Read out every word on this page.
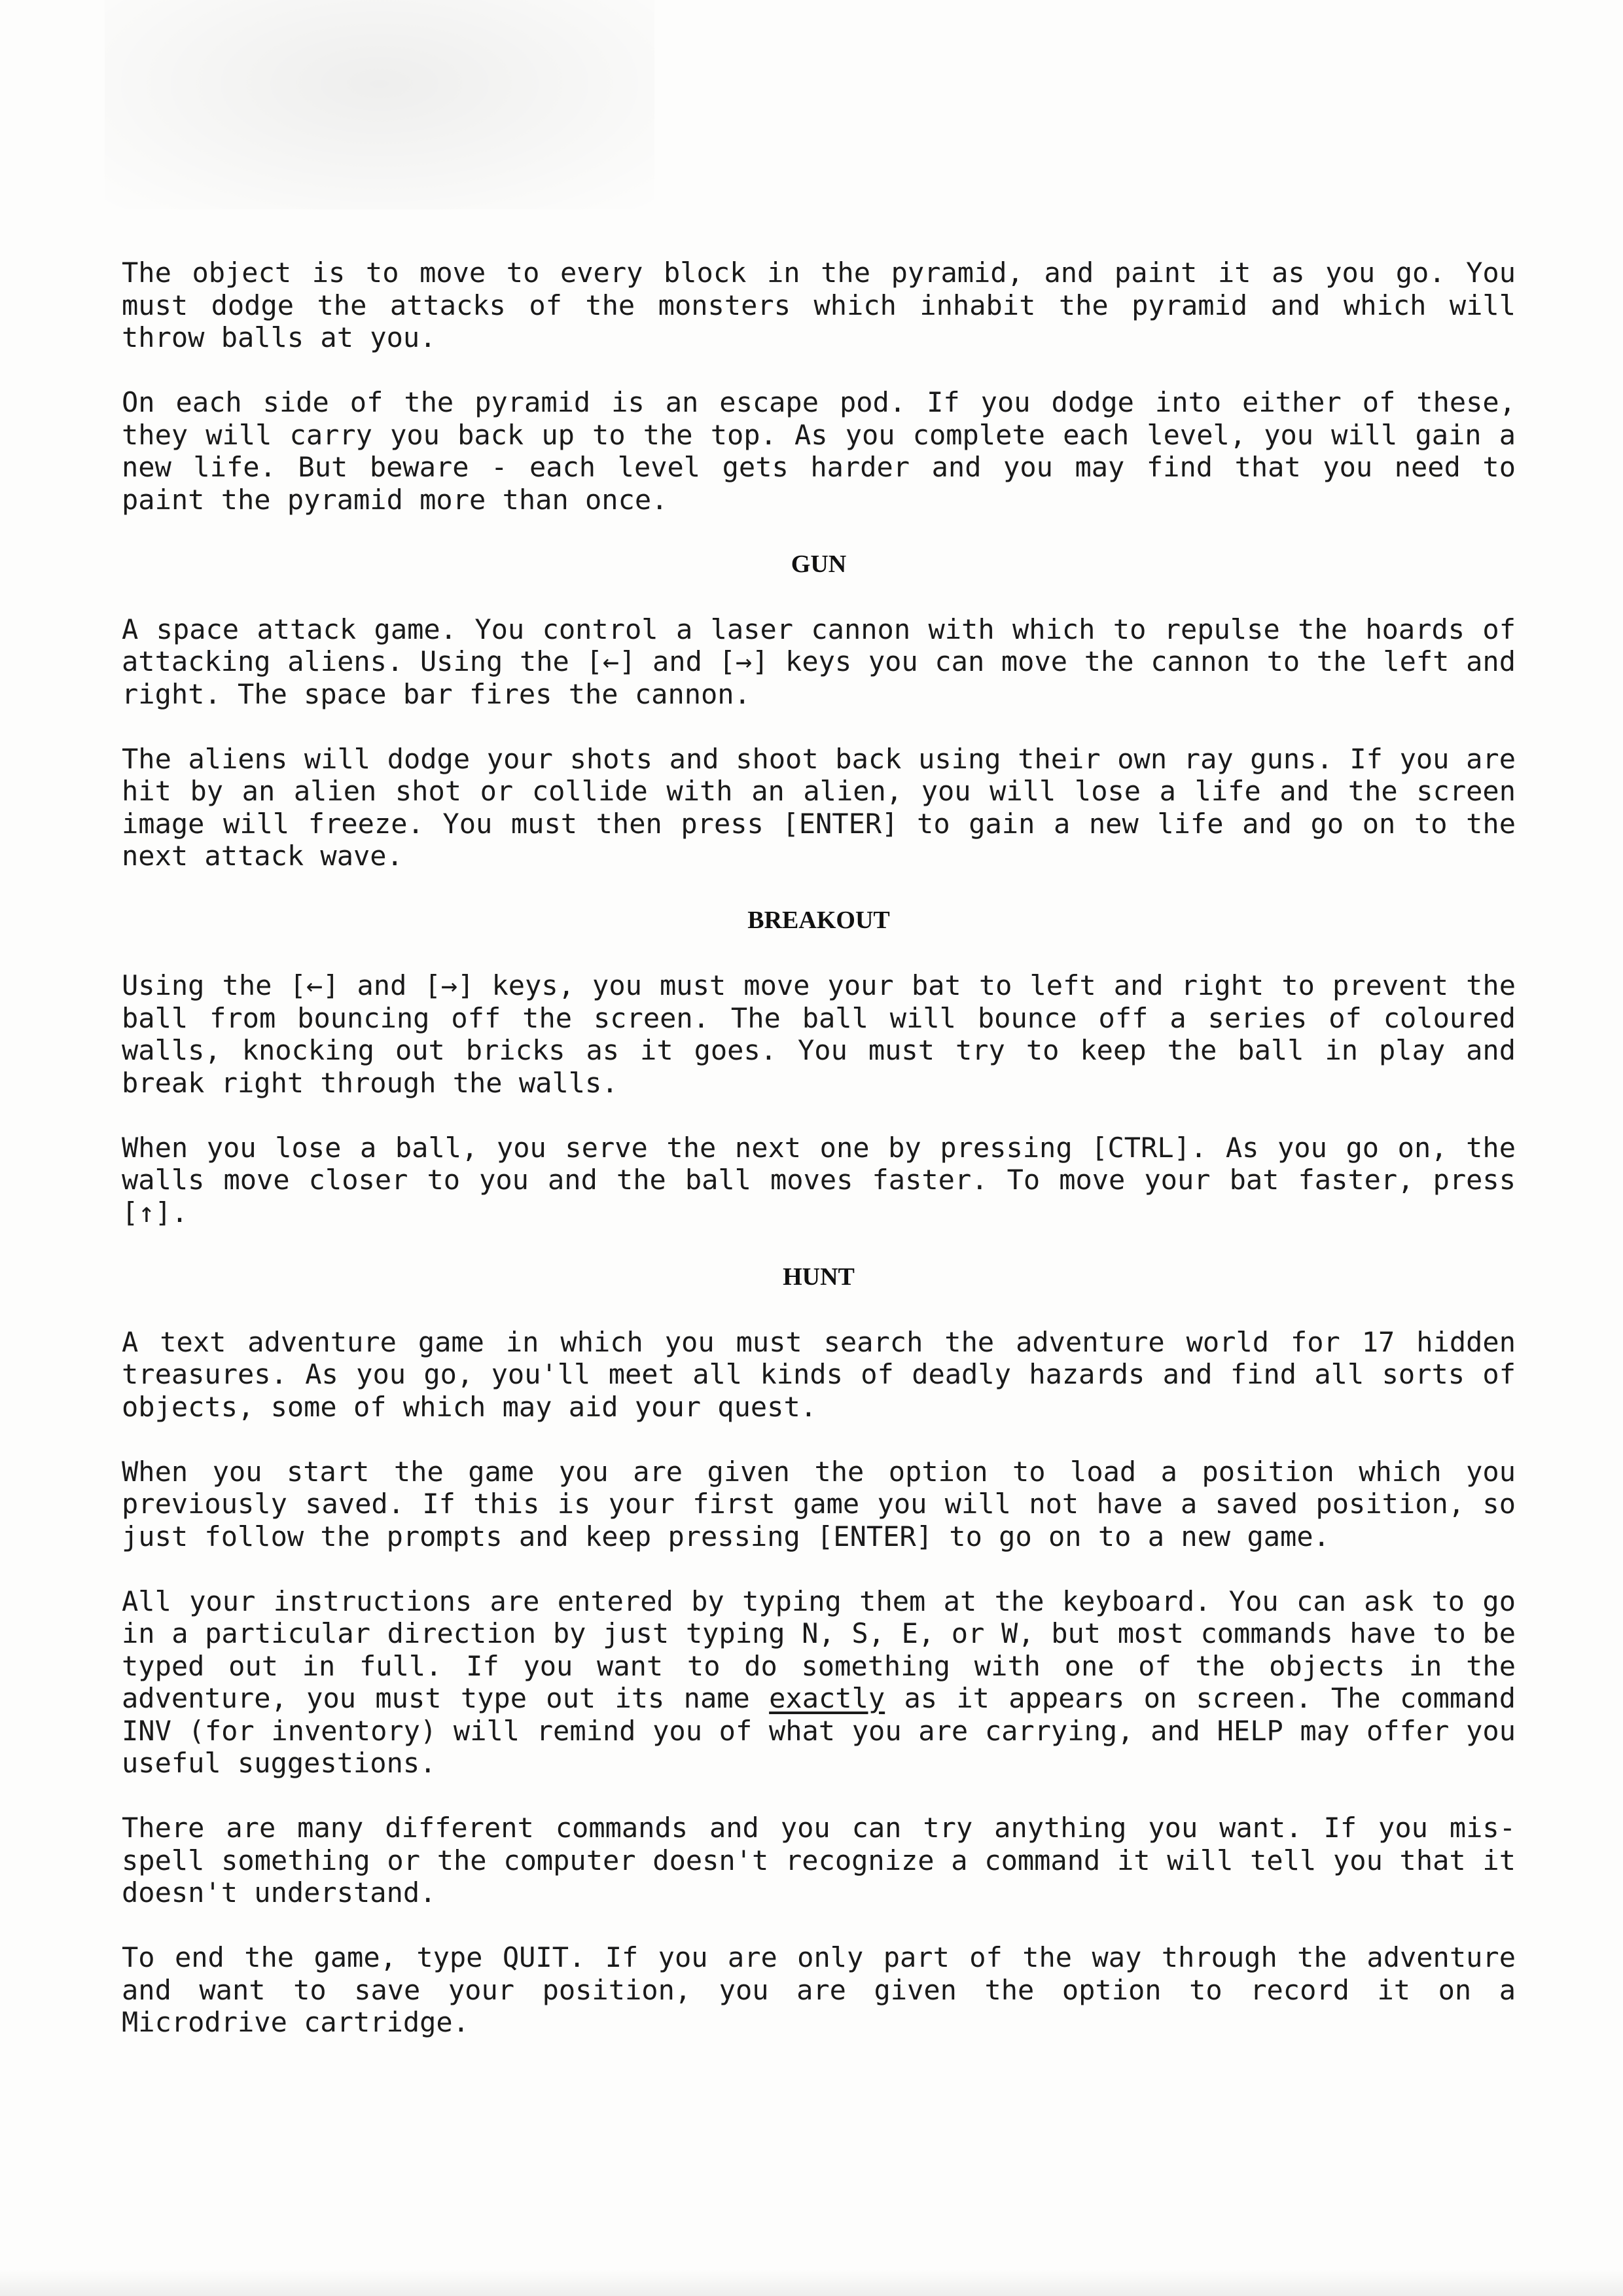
The object is to move to every block in the pyramid, and paint it as you go. You must dodge the attacks of the monsters which inhabit the pyramid and which will throw balls at you.

On each side of the pyramid is an escape pod. If you dodge into either of these, they will carry you back up to the top. As you complete each level, you will gain a new life. But beware - each level gets harder and you may find that you need to paint the pyramid more than once.

GUN

A space attack game. You control a laser cannon with which to repulse the hoards of attacking aliens. Using the [←] and [→] keys you can move the cannon to the left and right. The space bar fires the cannon.

The aliens will dodge your shots and shoot back using their own ray guns. If you are hit by an alien shot or collide with an alien, you will lose a life and the screen image will freeze. You must then press [ENTER] to gain a new life and go on to the next attack wave.

BREAKOUT

Using the [←] and [→] keys, you must move your bat to left and right to prevent the ball from bouncing off the screen. The ball will bounce off a series of coloured walls, knocking out bricks as it goes. You must try to keep the ball in play and break right through the walls.

When you lose a ball, you serve the next one by pressing [CTRL]. As you go on, the walls move closer to you and the ball moves faster. To move your bat faster, press [↑].

HUNT

A text adventure game in which you must search the adventure world for 17 hidden treasures. As you go, you'll meet all kinds of deadly hazards and find all sorts of objects, some of which may aid your quest.

When you start the game you are given the option to load a position which you previously saved. If this is your first game you will not have a saved position, so just follow the prompts and keep pressing [ENTER] to go on to a new game.

All your instructions are entered by typing them at the keyboard. You can ask to go in a particular direction by just typing N, S, E, or W, but most commands have to be typed out in full. If you want to do something with one of the objects in the adventure, you must type out its name exactly as it appears on screen. The command INV (for inventory) will remind you of what you are carrying, and HELP may offer you useful suggestions.

There are many different commands and you can try anything you want. If you mis-spell something or the computer doesn't recognize a command it will tell you that it doesn't understand.

To end the game, type QUIT. If you are only part of the way through the adventure and want to save your position, you are given the option to record it on a Microdrive cartridge.
